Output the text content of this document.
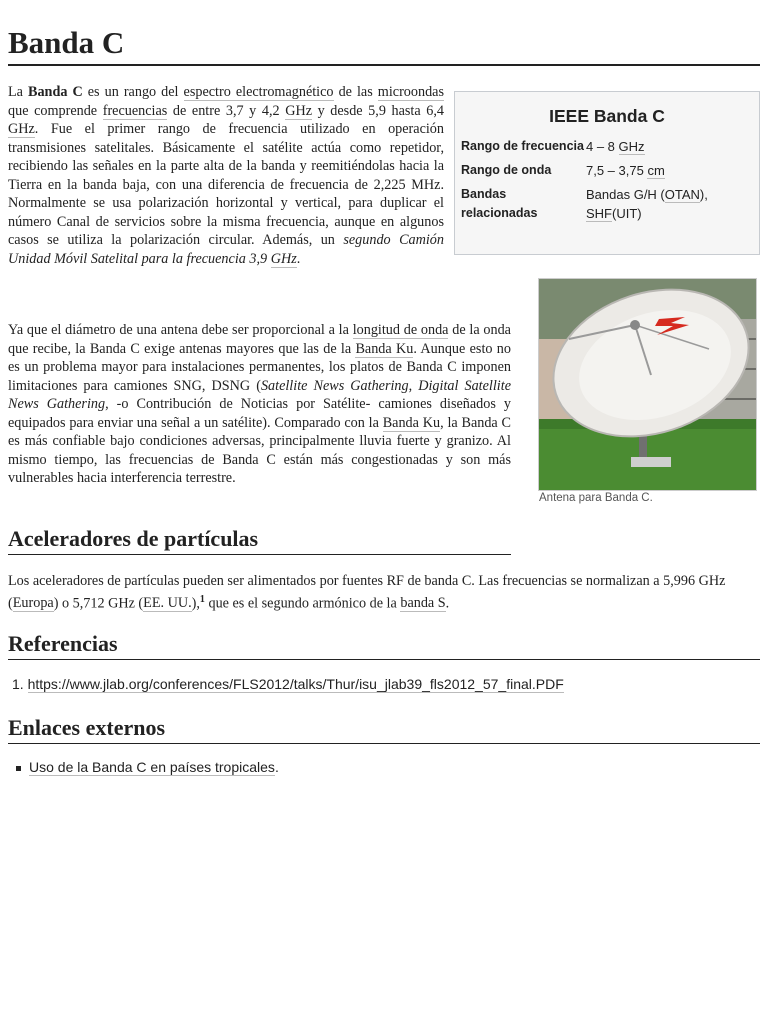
Banda C
IEEE Banda C
Rango de frecuencia 4 – 8 GHz
Rango de onda	7,5 – 3,75 cm
Bandas relacionadas
Bandas G/H (OTAN), SHF(UIT)
La Banda C es un rango del espectro electromagnético de las microondas que comprende frecuencias de entre 3,7 y 4,2 GHz y desde 5,9 hasta 6,4 GHz. Fue el primer rango de frecuencia utilizado en operación transmisiones satelitales. Básicamente el satélite actúa como repetidor, recibiendo las señales en la parte alta de la banda y reemitiéndolas hacia la Tierra en la banda baja, con una diferencia de frecuencia de 2,225 MHz. Normalmente se usa polarización horizontal y vertical, para duplicar el número Canal de servicios sobre la misma frecuencia, aunque en algunos casos se utiliza la polarización circular. Además, un segundo Camión Unidad Móvil Satelital para la frecuencia 3,9 GHz.
Ya que el diámetro de una antena debe ser proporcional a la longitud de onda de la onda que recibe, la Banda C exige antenas mayores que las de la Banda Ku. Aunque esto no es un problema mayor para instalaciones permanentes, los platos de Banda C imponen limitaciones para camiones SNG, DSNG (Satellite News Gathering, Digital Satellite News Gathering, -o Contribución de Noticias por Satélite- camiones diseñados y equipados para enviar una señal a un satélite). Comparado con la Banda Ku, la Banda C es más confiable bajo condiciones adversas, principalmente lluvia fuerte y granizo. Al mismo tiempo, las frecuencias de Banda C están más congestionadas y son más vulnerables hacia interferencia terrestre.
Antena para Banda C.
Aceleradores de partículas
Los aceleradores de partículas pueden ser alimentados por fuentes RF de banda C. Las frecuencias se normalizan a 5,996 GHz (Europa) o 5,712 GHz (EE. UU.),$^1$ que es el segundo armónico de la banda S.
Referencias
1. https://www.jlab.org/conferences/FLS2012/talks/Thur/isu_jlab39_fls2012_57_final.PDF
Enlaces externos
Uso de la Banda C en países tropicales.
